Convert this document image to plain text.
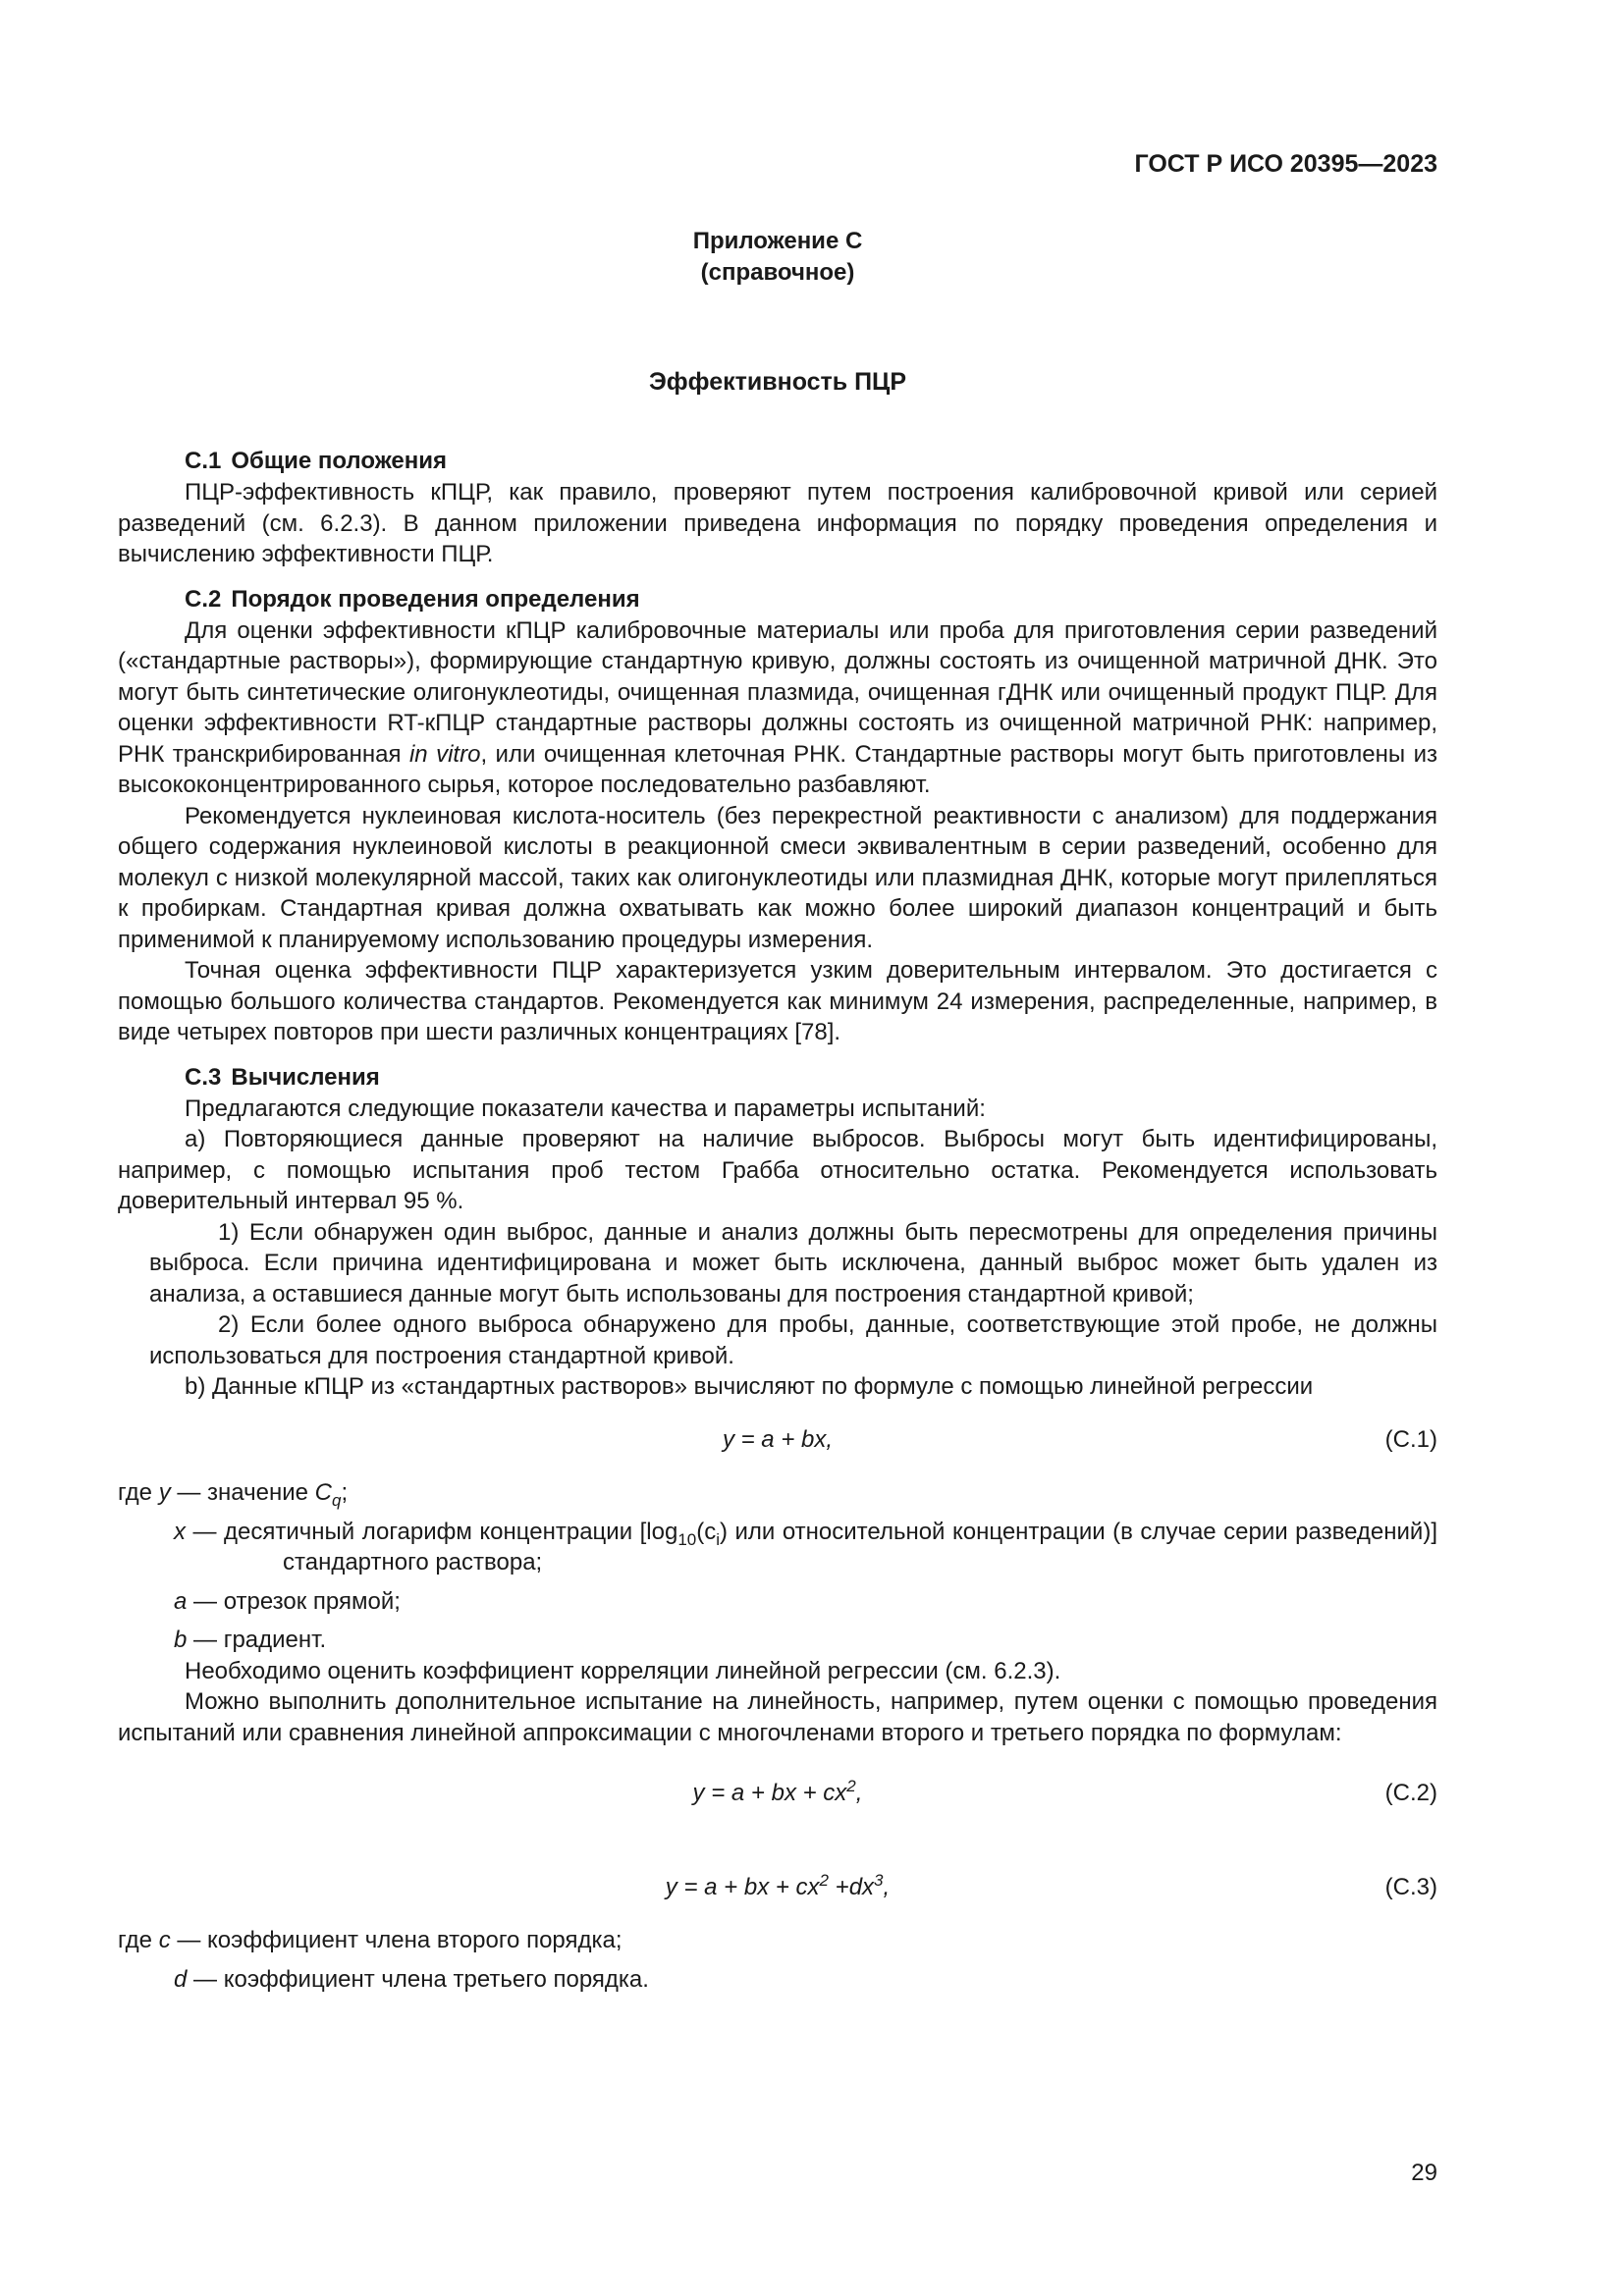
ГОСТ Р ИСО 20395—2023
Приложение С
(справочное)
Эффективность ПЦР
С.1 Общие положения

ПЦР-эффективность кПЦР, как правило, проверяют путем построения калибровочной кривой или серией разведений (см. 6.2.3). В данном приложении приведена информация по порядку проведения определения и вычислению эффективности ПЦР.

С.2 Порядок проведения определения

Для оценки эффективности кПЦР калибровочные материалы или проба для приготовления серии разведений («стандартные растворы»), формирующие стандартную кривую, должны состоять из очищенной матричной ДНК. Это могут быть синтетические олигонуклеотиды, очищенная плазмида, очищенная гДНК или очищенный продукт ПЦР. Для оценки эффективности RT-кПЦР стандартные растворы должны состоять из очищенной матричной РНК: например, РНК транскрибированная in vitro, или очищенная клеточная РНК. Стандартные растворы могут быть приготовлены из высококонцентрированного сырья, которое последовательно разбавляют.

Рекомендуется нуклеиновая кислота-носитель (без перекрестной реактивности с анализом) для поддержания общего содержания нуклеиновой кислоты в реакционной смеси эквивалентным в серии разведений, особенно для молекул с низкой молекулярной массой, таких как олигонуклеотиды или плазмидная ДНК, которые могут прилепляться к пробиркам. Стандартная кривая должна охватывать как можно более широкий диапазон концентраций и быть применимой к планируемому использованию процедуры измерения.

Точная оценка эффективности ПЦР характеризуется узким доверительным интервалом. Это достигается с помощью большого количества стандартов. Рекомендуется как минимум 24 измерения, распределенные, например, в виде четырех повторов при шести различных концентрациях [78].

С.3 Вычисления

Предлагаются следующие показатели качества и параметры испытаний:

a) Повторяющиеся данные проверяют на наличие выбросов. Выбросы могут быть идентифицированы, например, с помощью испытания проб тестом Грабба относительно остатка. Рекомендуется использовать доверительный интервал 95 %.

1) Если обнаружен один выброс, данные и анализ должны быть пересмотрены для определения причины выброса. Если причина идентифицирована и может быть исключена, данный выброс может быть удален из анализа, а оставшиеся данные могут быть использованы для построения стандартной кривой;

2) Если более одного выброса обнаружено для пробы, данные, соответствующие этой пробе, не должны использоваться для построения стандартной кривой.

b) Данные кПЦР из «стандартных растворов» вычисляют по формуле с помощью линейной регрессии

y = a + bx,	(С.1)
где y — значение $C_q$;

x — десятичный логарифм концентрации [$\log_{10}(c_i)$ или относительной концентрации (в случае серии разведений)] стандартного раствора;

a — отрезок прямой;
b — градиент.

Необходимо оценить коэффициент корреляции линейной регрессии (см. 6.2.3).

Можно выполнить дополнительное испытание на линейность, например, путем оценки с помощью проведения испытаний или сравнения линейной аппроксимации с многочленами второго и третьего порядка по формулам:

y = a + bx + $cx^2$,	(С.2)
y = a + bx + $cx^2 +dx^3$,	(С.3)
где c — коэффициент члена второго порядка;
d — коэффициент члена третьего порядка.
29
